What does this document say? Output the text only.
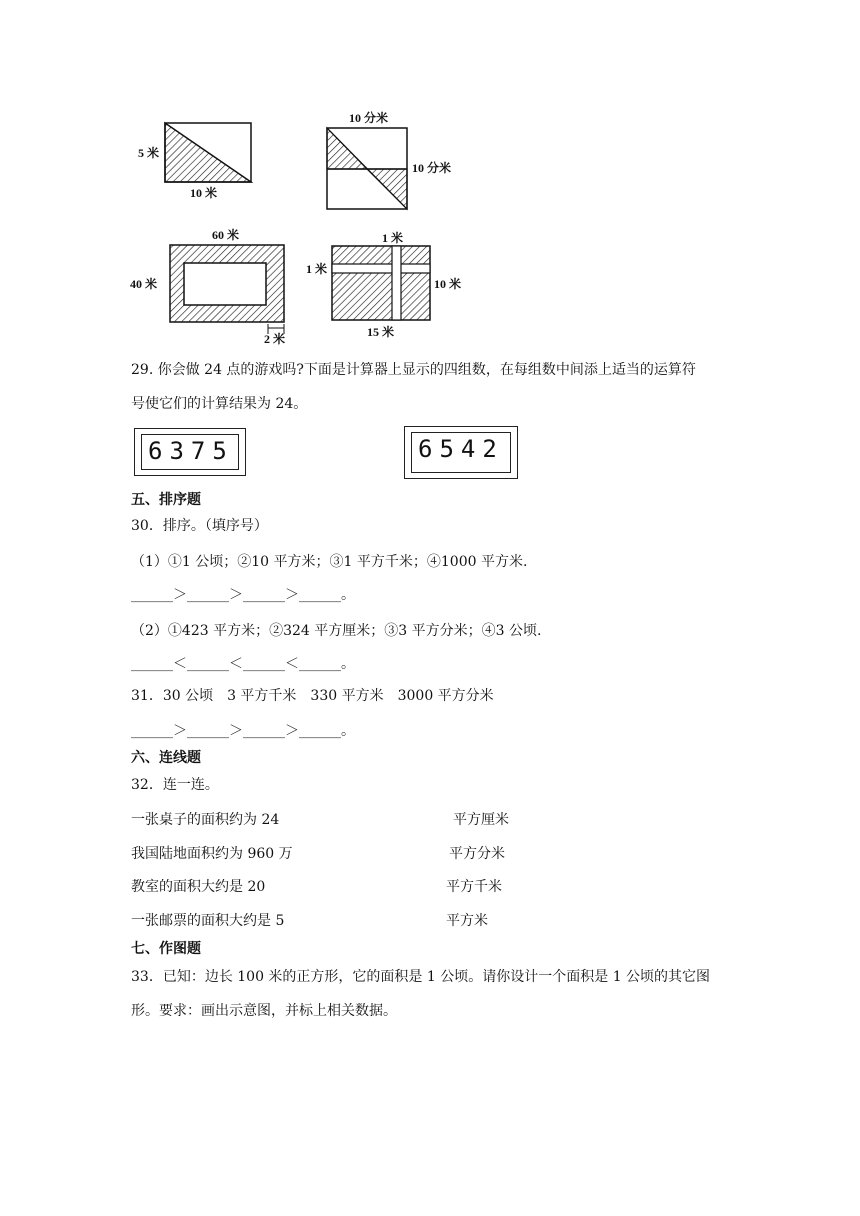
5 米
10 米
10 分米
10 分米
60 米
40 米
2 米
1 米
1 米
10 米
15 米
29. 你会做 24 点的游戏吗?下面是计算器上显示的四组数，在每组数中间添上适当的运算符
号使它们的计算结果为 24。
6375	6542
五、排序题
30．排序。（填序号）
（1）①1 公顷；②10 平方米；③1 平方千米；④1000 平方米.
______＞______＞______＞______。
（2）①423 平方米；②324 平方厘米；③3 平方分米；④3 公顷.
______＜______＜______＜______。
31．30 公顷　3 平方千米　330 平方米　3000 平方分米
______＞______＞______＞______。
六、连线题
32．连一连。
一张桌子的面积约为 24
我国陆地面积约为 960 万
教室的面积大约是 20
一张邮票的面积大约是 5
平方厘米
平方分米
平方千米
平方米
七、作图题
33．已知：边长 100 米的正方形，它的面积是 1 公顷。请你设计一个面积是 1 公顷的其它图
形。要求：画出示意图，并标上相关数据。
